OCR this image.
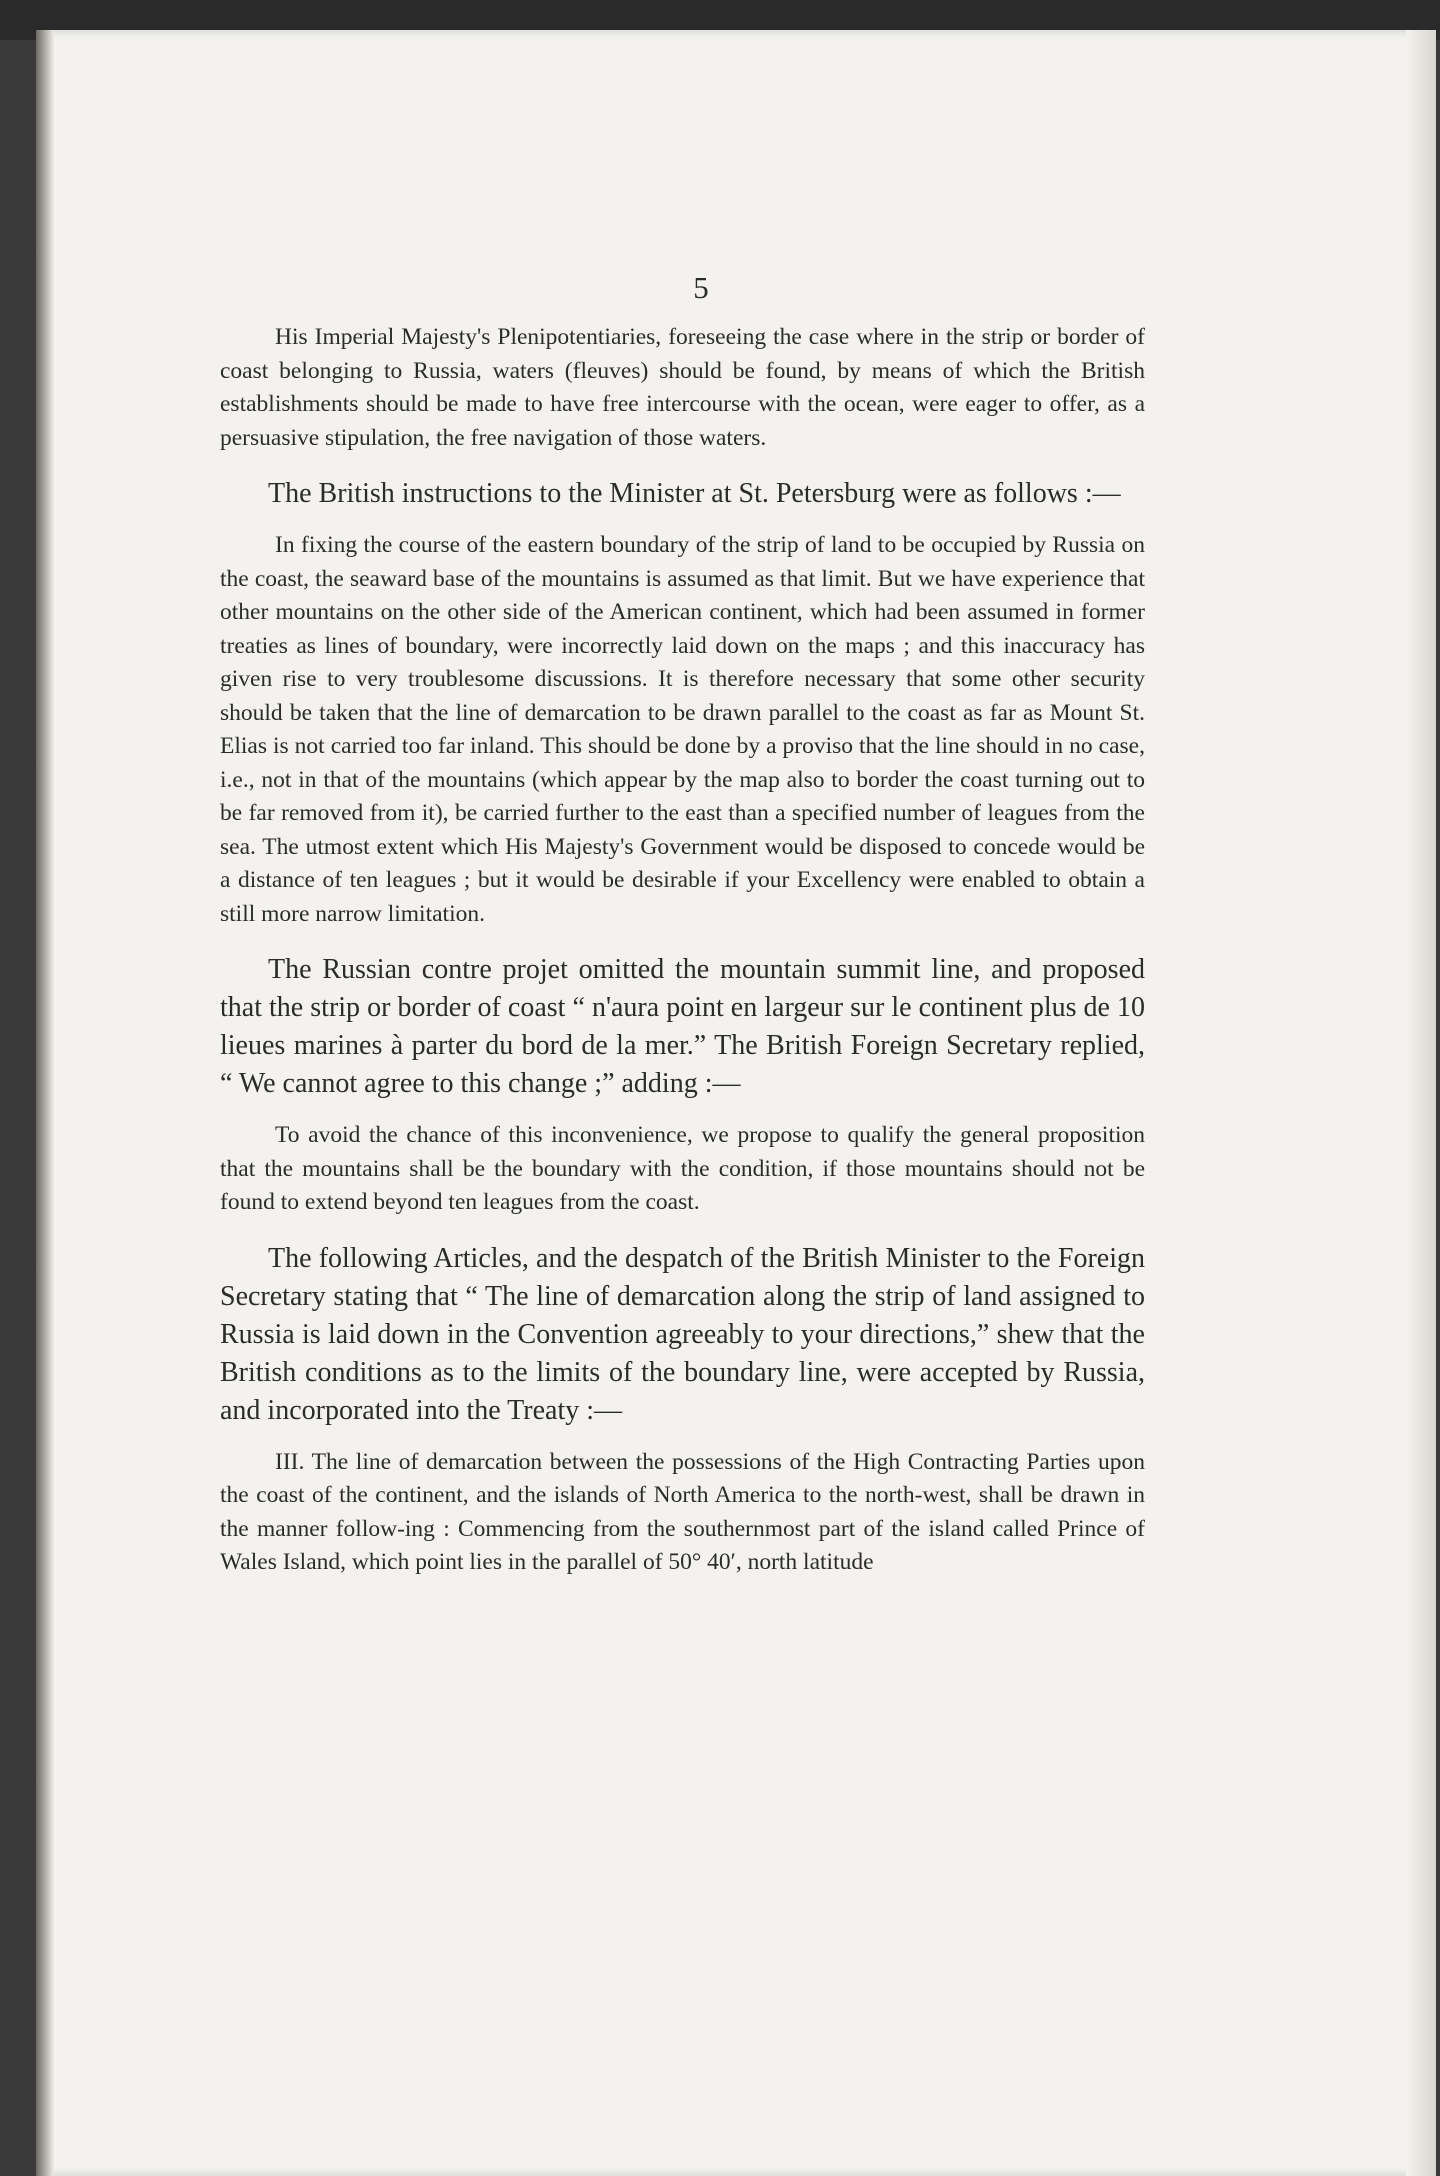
5

His Imperial Majesty's Plenipotentiaries, foreseeing the case where in the strip or border of coast belonging to Russia, waters (fleuves) should be found, by means of which the British establishments should be made to have free intercourse with the ocean, were eager to offer, as a persuasive stipulation, the free navigation of those waters.

The British instructions to the Minister at St. Petersburg were as follows :—

In fixing the course of the eastern boundary of the strip of land to be occupied by Russia on the coast, the seaward base of the mountains is assumed as that limit. But we have experience that other mountains on the other side of the American continent, which had been assumed in former treaties as lines of boundary, were incorrectly laid down on the maps ; and this inaccuracy has given rise to very troublesome discussions. It is therefore necessary that some other security should be taken that the line of demarcation to be drawn parallel to the coast as far as Mount St. Elias is not carried too far inland. This should be done by a proviso that the line should in no case, i.e., not in that of the mountains (which appear by the map also to border the coast turning out to be far removed from it), be carried further to the east than a specified number of leagues from the sea. The utmost extent which His Majesty's Government would be disposed to concede would be a distance of ten leagues ; but it would be desirable if your Excellency were enabled to obtain a still more narrow limitation.

The Russian contre projet omitted the mountain summit line, and proposed that the strip or border of coast “ n'aura point en largeur sur le continent plus de 10 lieues marines à parter du bord de la mer.” The British Foreign Secretary replied, “ We cannot agree to this change ;” adding :—

To avoid the chance of this inconvenience, we propose to qualify the general proposition that the mountains shall be the boundary with the condition, if those mountains should not be found to extend beyond ten leagues from the coast.

The following Articles, and the despatch of the British Minister to the Foreign Secretary stating that “ The line of demarcation along the strip of land assigned to Russia is laid down in the Convention agreeably to your directions,” shew that the British conditions as to the limits of the boundary line, were accepted by Russia, and incorporated into the Treaty :—

III. The line of demarcation between the possessions of the High Contracting Parties upon the coast of the continent, and the islands of North America to the north-west, shall be drawn in the manner follow-ing : Commencing from the southernmost part of the island called Prince of Wales Island, which point lies in the parallel of 50° 40′, north latitude
